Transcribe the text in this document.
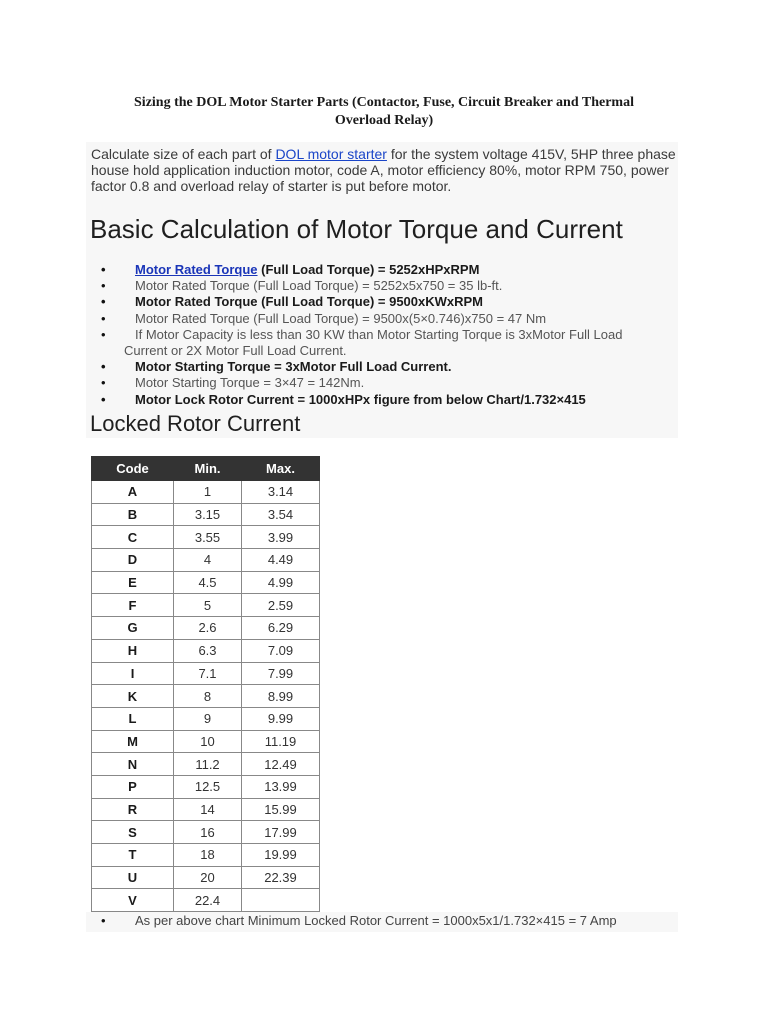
Sizing the DOL Motor Starter Parts (Contactor, Fuse, Circuit Breaker and Thermal
Overload Relay)
Calculate size of each part of DOL motor starter for the system voltage 415V, 5HP three phase house hold application induction motor, code A, motor efficiency 80%, motor RPM 750, power factor 0.8 and overload relay of starter is put before motor.
Basic Calculation of Motor Torque and Current
• Motor Rated Torque (Full Load Torque) = 5252xHPxRPM
• Motor Rated Torque (Full Load Torque) = 5252x5x750 = 35 lb-ft.
• Motor Rated Torque (Full Load Torque) = 9500xKWxRPM
• Motor Rated Torque (Full Load Torque) = 9500x(5×0.746)x750 = 47 Nm
• If Motor Capacity is less than 30 KW than Motor Starting Torque is 3xMotor Full Load
Current or 2X Motor Full Load Current.
• Motor Starting Torque = 3xMotor Full Load Current.
• Motor Starting Torque = 3×47 = 142Nm.
• Motor Lock Rotor Current = 1000xHPx figure from below Chart/1.732×415
Locked Rotor Current
Code	Min.	Max.
A	1	3.14
B	3.15	3.54
C	3.55	3.99
D	4	4.49
E	4.5	4.99
F	5	2.59
G	2.6	6.29
H	6.3	7.09
I	7.1	7.99
K	8	8.99
L	9	9.99
M	10	11.19
N	11.2	12.49
P	12.5	13.99
R	14	15.99
S	16	17.99
T	18	19.99
U	20	22.39
V	22.4	
• As per above chart Minimum Locked Rotor Current = 1000x5x1/1.732×415 = 7 Amp
